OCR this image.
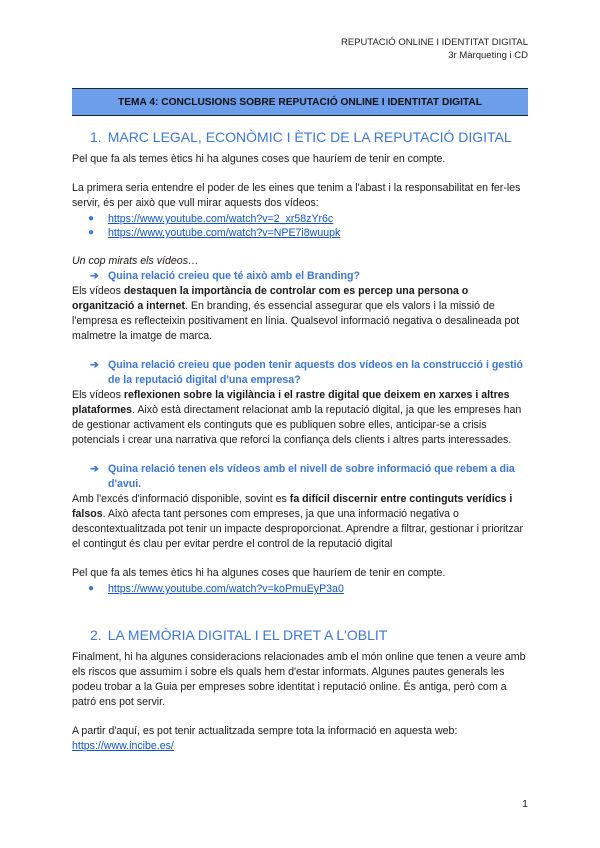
REPUTACIÓ ONLINE I IDENTITAT DIGITAL
3r Màrqueting i CD
TEMA 4: CONCLUSIONS SOBRE REPUTACIÓ ONLINE I IDENTITAT DIGITAL
1. MARC LEGAL, ECONÒMIC I ÈTIC DE LA REPUTACIÓ DIGITAL

Pel que fa als temes ètics hi ha algunes coses que hauríem de tenir en compte.

La primera seria entendre el poder de les eines que tenim a l'abast i la responsabilitat en fer-les servir, és per això que vull mirar aquests dos vídeos:

● https://www.youtube.com/watch?v=2_xr58zYr6c
● https://www.youtube.com/watch?v=NPE7i8wuupk

Un cop mirats els vídeos…

➔ Quina relació creieu que té això amb el Branding?

Els vídeos destaquen la importància de controlar com es percep una persona o organització a internet. En branding, és essencial assegurar que els valors i la missió de l'empresa es reflecteixin positivament en línia. Qualsevol informació negativa o desalineada pot malmetre la imatge de marca.

➔ Quina relació creieu que poden tenir aquests dos vídeos en la construcció i gestió de la reputació digital d'una empresa?

Els vídeos reflexionen sobre la vigilància i el rastre digital que deixem en xarxes i altres plataformes. Això està directament relacionat amb la reputació digital, ja que les empreses han de gestionar activament els continguts que es publiquen sobre elles, anticipar-se a crisis potencials i crear una narrativa que reforci la confiança dels clients i altres parts interessades.

➔ Quina relació tenen els vídeos amb el nivell de sobre informació que rebem a dia d'avui.

Amb l'excés d'informació disponible, sovint es fa difícil discernir entre continguts verídics i falsos. Això afecta tant persones com empreses, ja que una informació negativa o descontextualitzada pot tenir un impacte desproporcionat. Aprendre a filtrar, gestionar i prioritzar el contingut és clau per evitar perdre el control de la reputació digital

Pel que fa als temes ètics hi ha algunes coses que hauríem de tenir en compte.

● https://www.youtube.com/watch?v=koPmuEyP3a0
2. LA MEMÒRIA DIGITAL I EL DRET A L'OBLIT

Finalment, hi ha algunes consideracions relacionades amb el món online que tenen a veure amb els riscos que assumim i sobre els quals hem d'estar informats. Algunes pautes generals les podeu trobar a la Guia per empreses sobre identitat i reputació online. És antiga, però com a patró ens pot servir.

A partir d'aquí, es pot tenir actualitzada sempre tota la informació en aquesta web:

https://www.incibe.es/

1
